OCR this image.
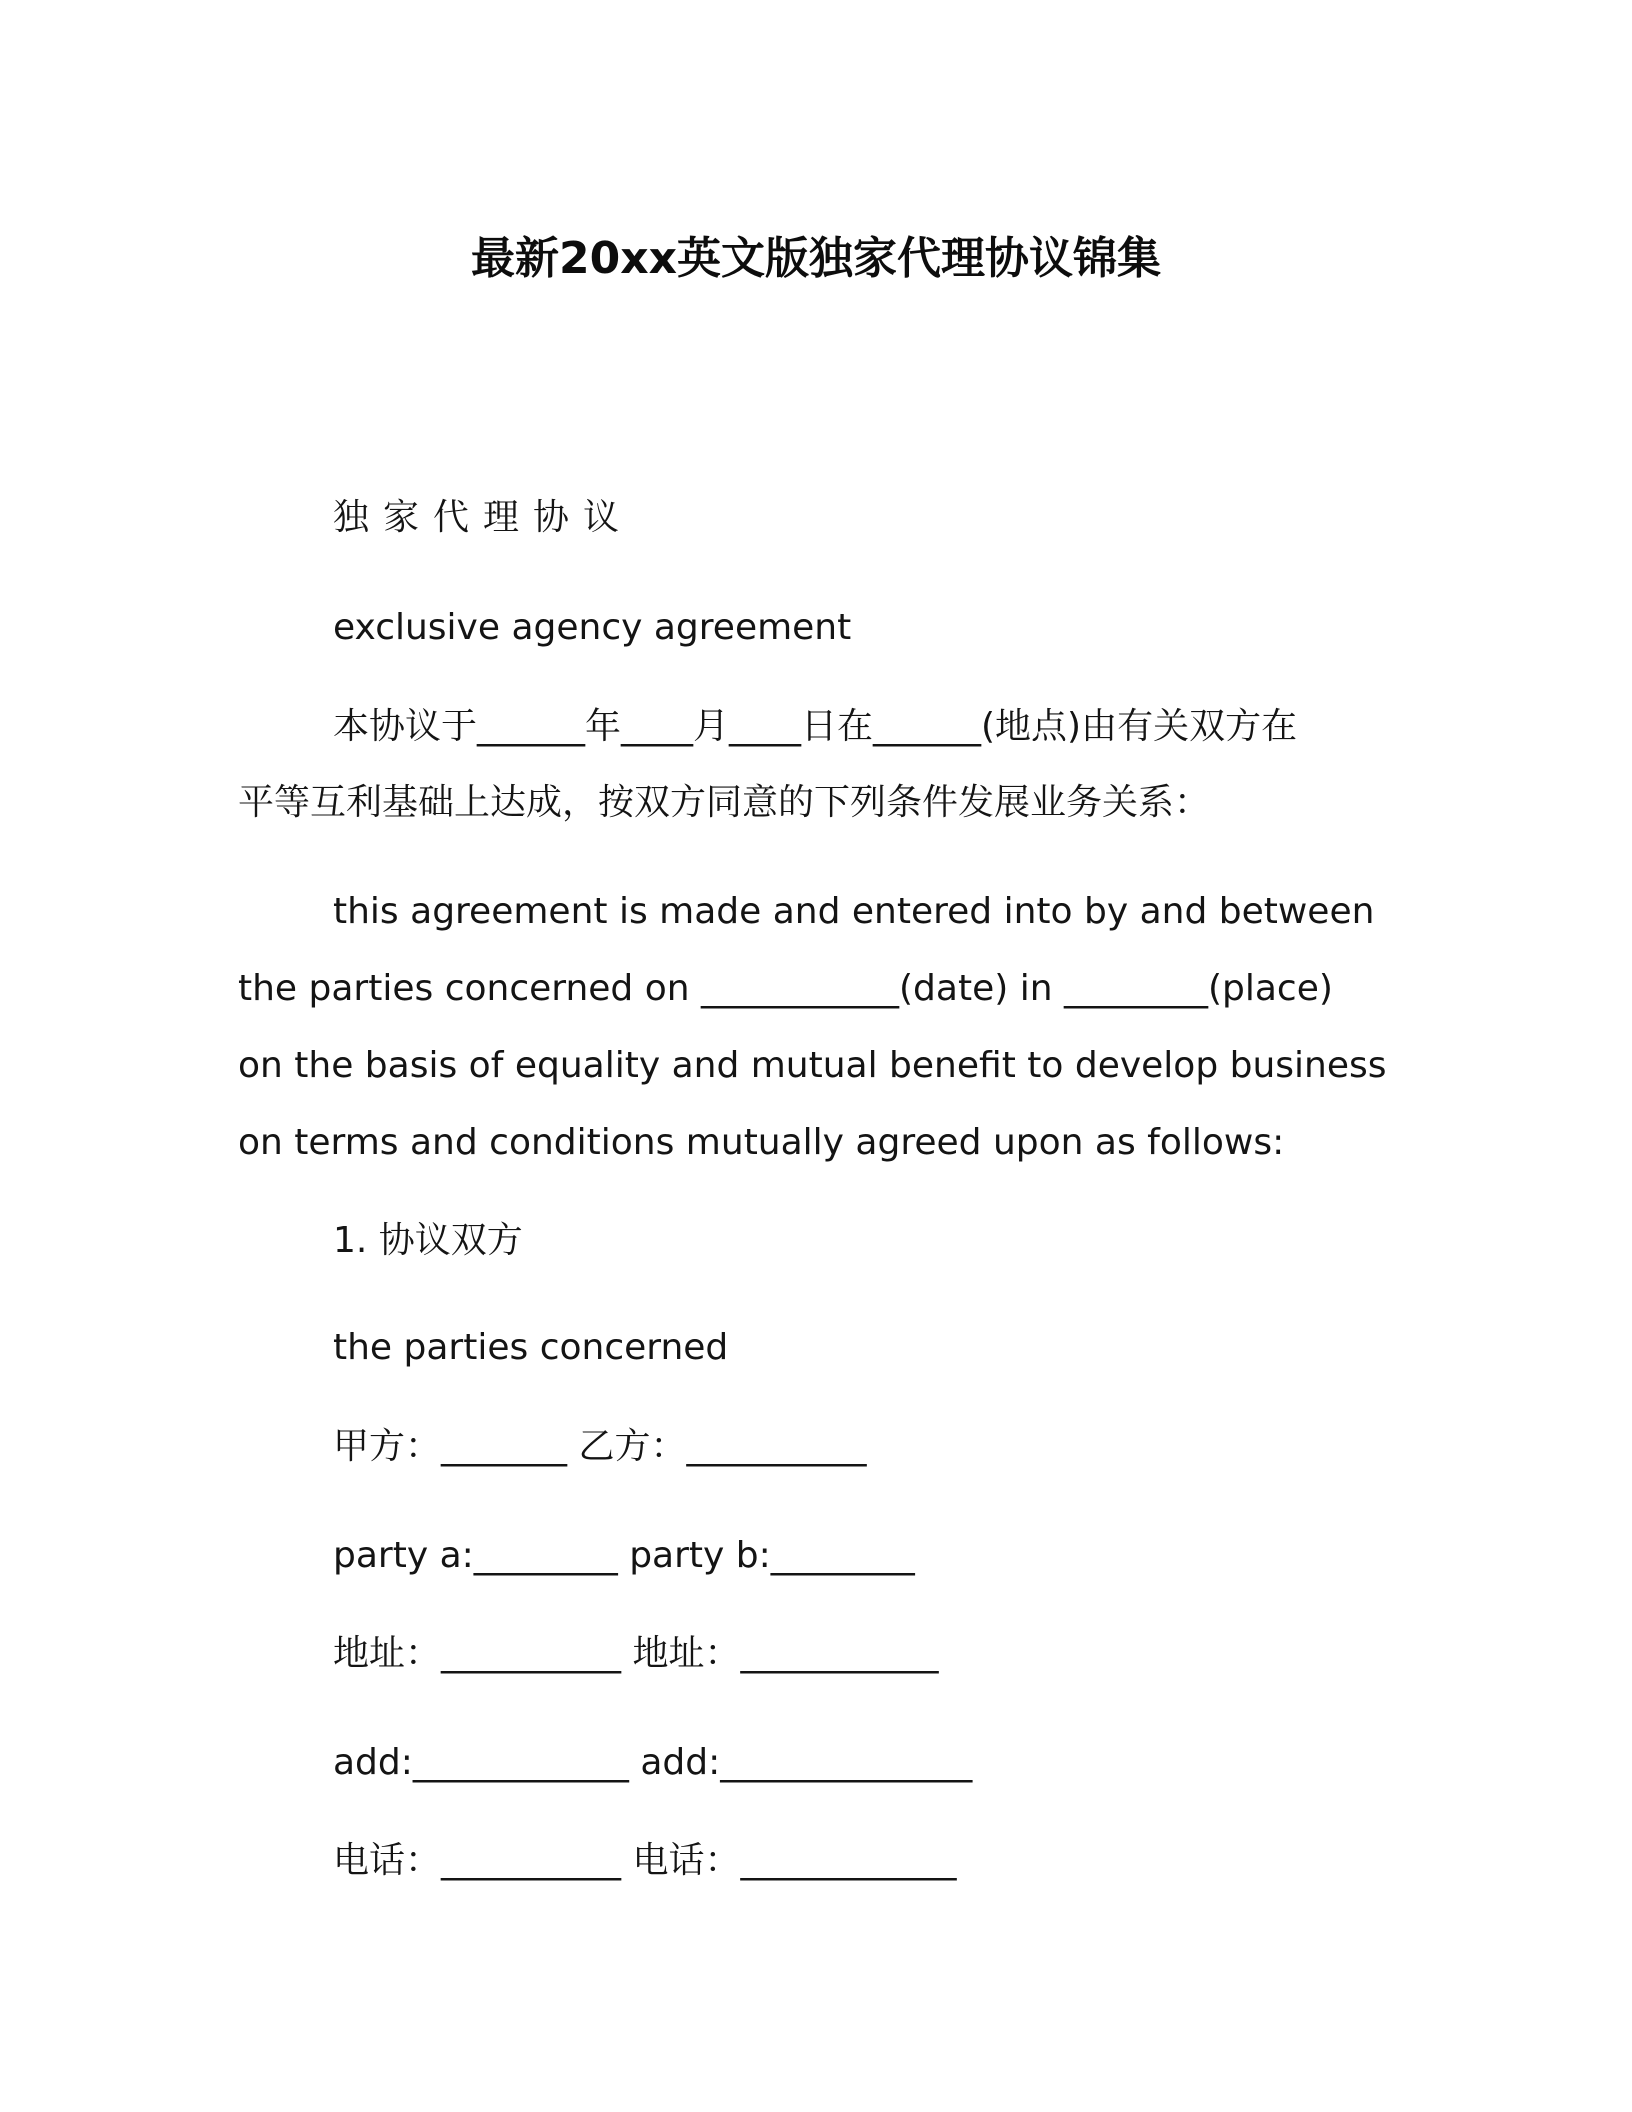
最新20xx英文版独家代理协议锦集
独家代理协议
exclusive agency agreement
本协议于______年____月____日在______(地点)由有关双方在
平等互利基础上达成，按双方同意的下列条件发展业务关系：
this agreement is made and entered into by and between
the parties concerned on ___________(date) in ________(place)
on the basis of equality and mutual benefit to develop business
on terms and conditions mutually agreed upon as follows:
1. 协议双方
the parties concerned
甲方：_______ 乙方：__________
party a:________ party b:________
地址：__________ 地址：___________
add:____________ add:______________
电话：__________ 电话：____________
